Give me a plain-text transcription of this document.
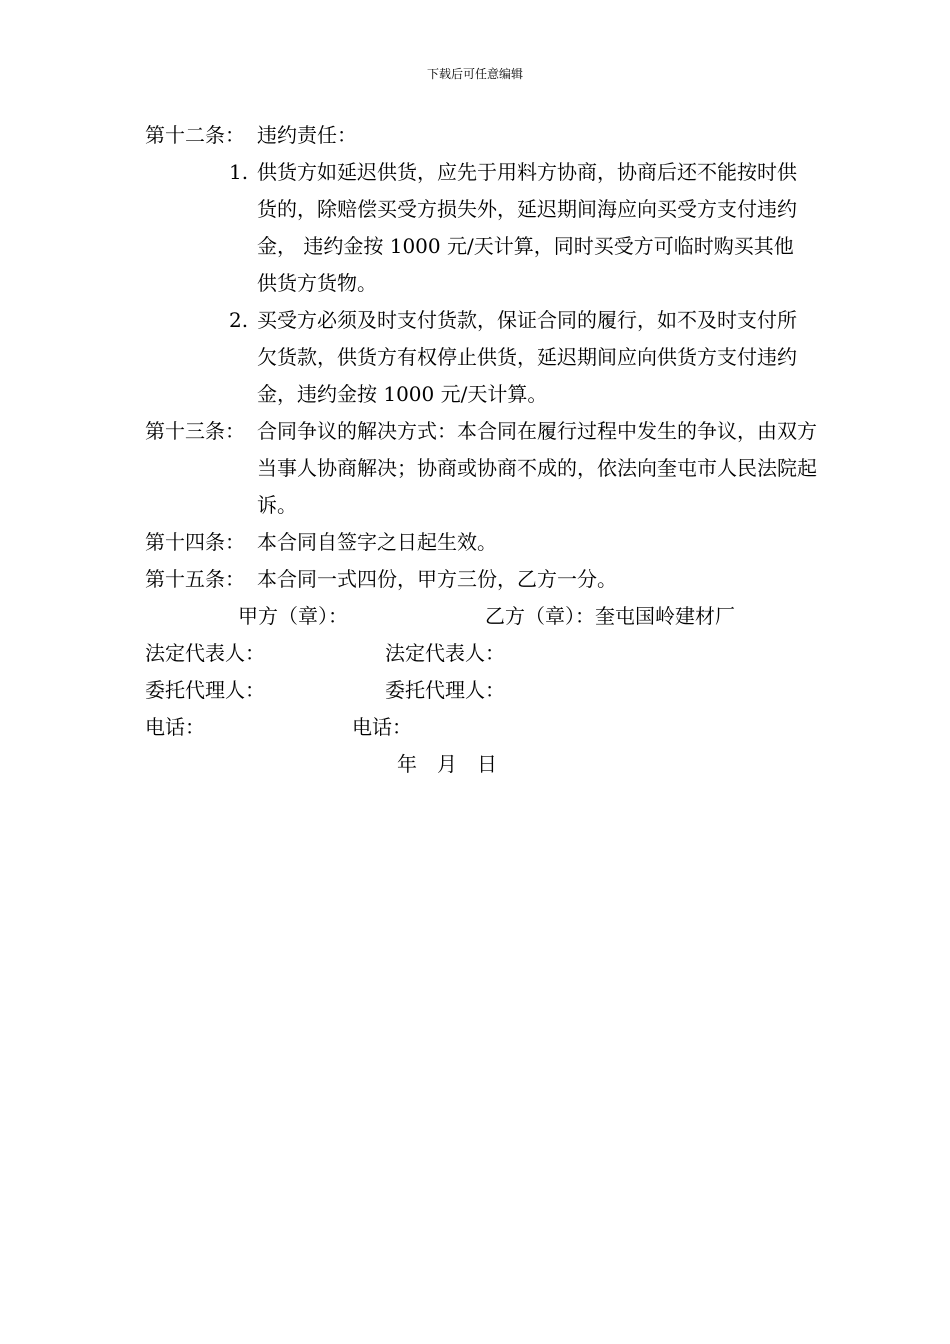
下载后可任意编辑
第十二条： 违约责任：
1. 供货方如延迟供货，应先于用料方协商，协商后还不能按时供货的，除赔偿买受方损失外，延迟期间海应向买受方支付违约金， 违约金按 1000 元/天计算，同时买受方可临时购买其他供货方货物。
2. 买受方必须及时支付货款，保证合同的履行，如不及时支付所欠货款，供货方有权停止供货，延迟期间应向供货方支付违约金，违约金按 1000 元/天计算。
第十三条： 合同争议的解决方式：本合同在履行过程中发生的争议，由双方当事人协商解决；协商或协商不成的，依法向奎屯市人民法院起诉。
第十四条： 本合同自签字之日起生效。
第十五条： 本合同一式四份，甲方三份，乙方一分。
甲方（章）：	乙方（章）：奎屯国岭建材厂
法定代表人：	法定代表人：
委托代理人：	委托代理人：
电话：	电话：
年　月　日
